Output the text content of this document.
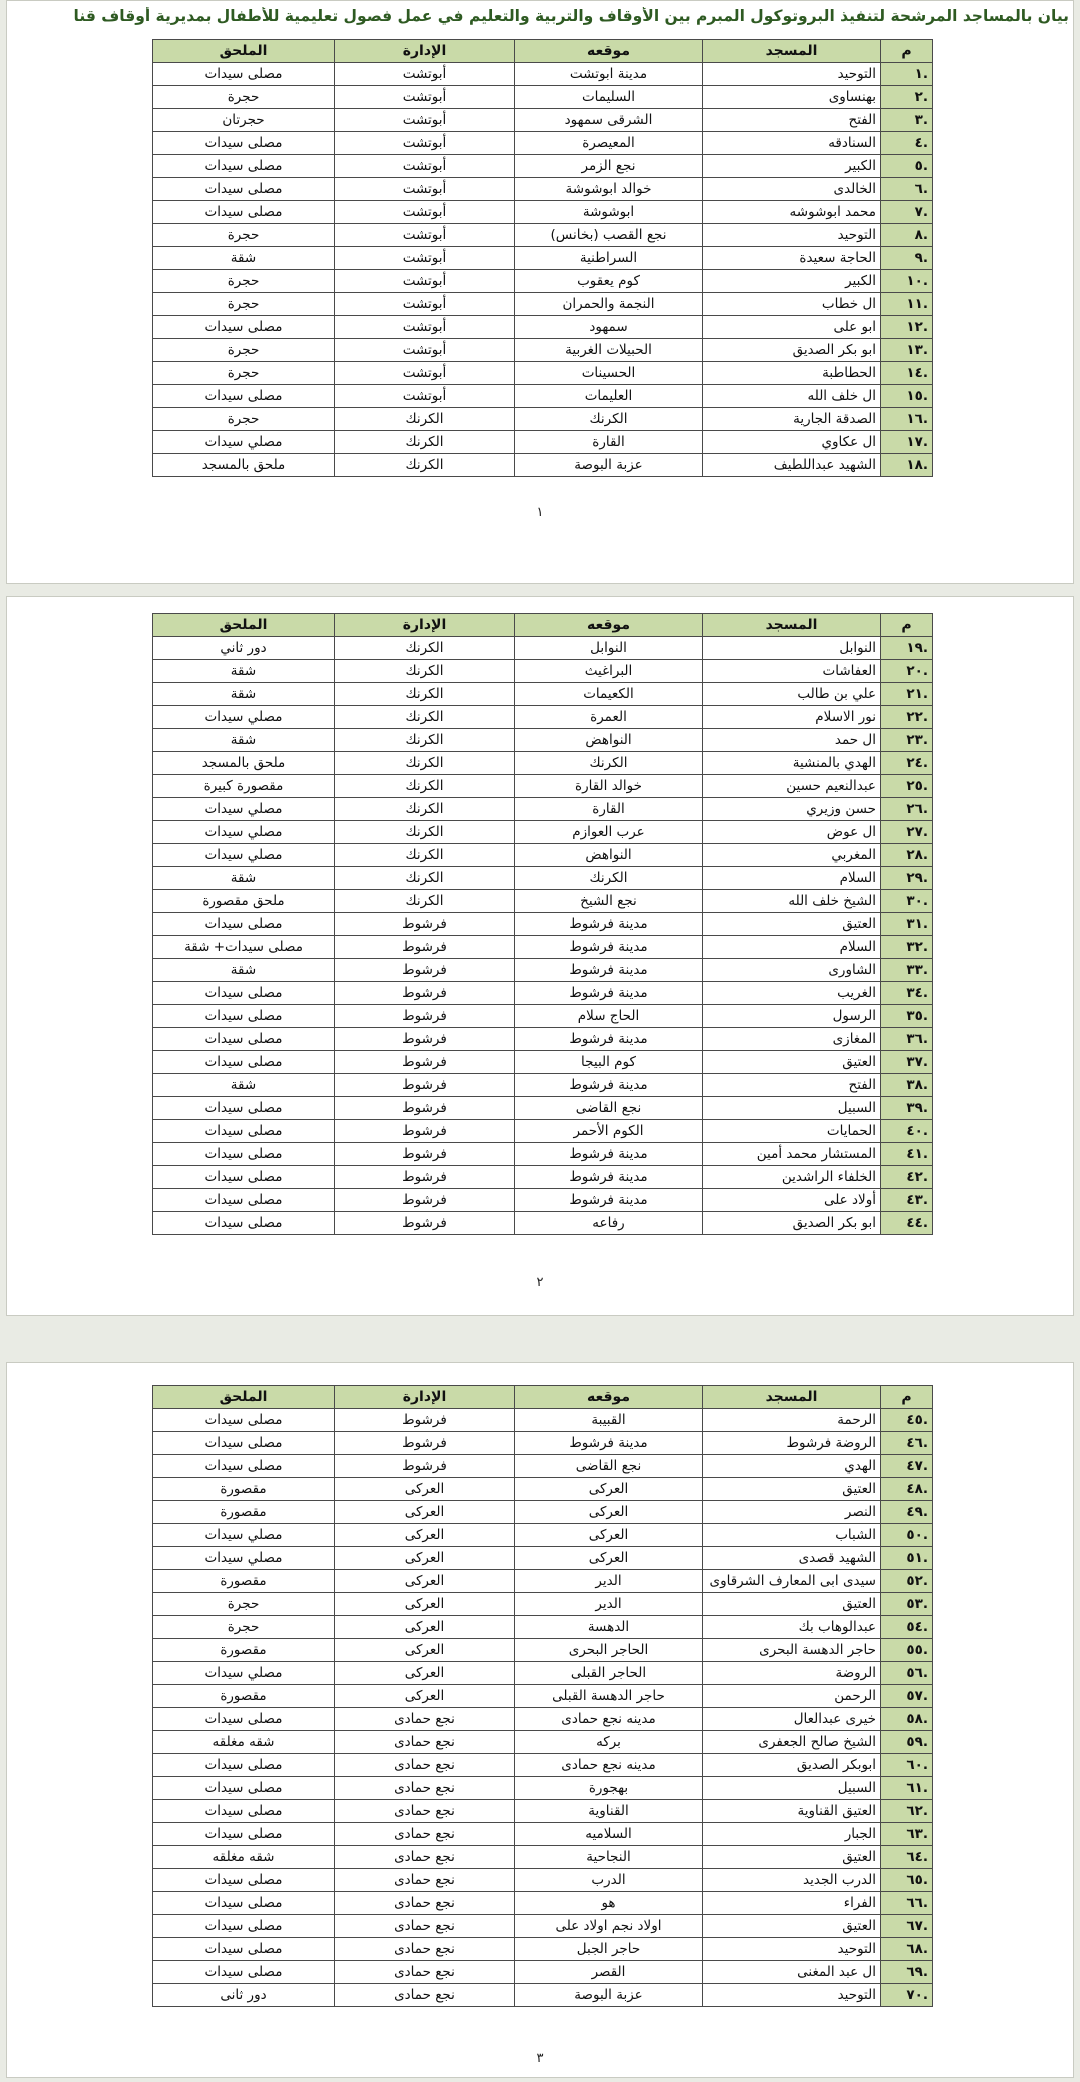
بيان بالمساجد المرشحة لتنفيذ البروتوكول المبرم بين الأوقاف والتربية والتعليم في عمل فصول تعليمية للأطفال بمديرية أوقاف قنا
م	المسجد	موقعه	الإدارة	الملحق
.١	التوحيد	مدينة ابوتشت	أبوتشت	مصلى سيدات
.٢	بهنساوى	السليمات	أبوتشت	حجرة
.٣	الفتح	الشرقى سمهود	أبوتشت	حجرتان
.٤	السنادقه	المعيصرة	أبوتشت	مصلى سيدات
.٥	الكبير	نجع الزمر	أبوتشت	مصلى سيدات
.٦	الخالدى	خوالد ابوشوشة	أبوتشت	مصلى سيدات
.٧	محمد ابوشوشه	ابوشوشة	أبوتشت	مصلى سيدات
.٨	التوحيد	نجع القصب (بخانس)	أبوتشت	حجرة
.٩	الحاجة سعيدة	السراطنية	أبوتشت	شقة
.١٠	الكبير	كوم يعقوب	أبوتشت	حجرة
.١١	ال خطاب	النجمة والحمران	أبوتشت	حجرة
.١٢	ابو على	سمهود	أبوتشت	مصلى سيدات
.١٣	ابو بكر الصديق	الحبيلات الغربية	أبوتشت	حجرة
.١٤	الحطاطبة	الحسينات	أبوتشت	حجرة
.١٥	ال خلف الله	العليمات	أبوتشت	مصلى سيدات
.١٦	الصدقة الجارية	الكرنك	الكرنك	حجرة
.١٧	ال عكاوي	القارة	الكرنك	مصلي سيدات
.١٨	الشهيد عبداللطيف	عزبة البوصة	الكرنك	ملحق بالمسجد
١
م	المسجد	موقعه	الإدارة	الملحق
.١٩	النوابل	النوابل	الكرنك	دور ثاني
.٢٠	العفاشات	البراغيث	الكرنك	شقة
.٢١	علي بن طالب	الكعيمات	الكرنك	شقة
.٢٢	نور الاسلام	العمرة	الكرنك	مصلي سيدات
.٢٣	ال حمد	النواهض	الكرنك	شقة
.٢٤	الهدي بالمنشية	الكرنك	الكرنك	ملحق بالمسجد
.٢٥	عبدالنعيم حسين	خوالد القارة	الكرنك	مقصورة كبيرة
.٢٦	حسن وزيري	القارة	الكرنك	مصلي سيدات
.٢٧	ال عوض	عرب العوازم	الكرنك	مصلي سيدات
.٢٨	المغربي	النواهض	الكرنك	مصلي سيدات
.٢٩	السلام	الكرنك	الكرنك	شقة
.٣٠	الشيخ خلف الله	نجع الشيخ	الكرنك	ملحق مقصورة
.٣١	العتيق	مدينة فرشوط	فرشوط	مصلى سيدات
.٣٢	السلام	مدينة فرشوط	فرشوط	مصلى سيدات+ شقة
.٣٣	الشاورى	مدينة فرشوط	فرشوط	شقة
.٣٤	الغريب	مدينة فرشوط	فرشوط	مصلى سيدات
.٣٥	الرسول	الحاج سلام	فرشوط	مصلى سيدات
.٣٦	المغازى	مدينة فرشوط	فرشوط	مصلى سيدات
.٣٧	العتيق	كوم البيجا	فرشوط	مصلى سيدات
.٣٨	الفتح	مدينة فرشوط	فرشوط	شقة
.٣٩	السبيل	نجع القاضى	فرشوط	مصلى سيدات
.٤٠	الحمايات	الكوم الأحمر	فرشوط	مصلى سيدات
.٤١	المستشار محمد أمين	مدينة فرشوط	فرشوط	مصلى سيدات
.٤٢	الخلفاء الراشدين	مدينة فرشوط	فرشوط	مصلى سيدات
.٤٣	أولاد على	مدينة فرشوط	فرشوط	مصلى سيدات
.٤٤	ابو بكر الصديق	رفاعه	فرشوط	مصلى سيدات
٢
م	المسجد	موقعه	الإدارة	الملحق
.٤٥	الرحمة	القبيبة	فرشوط	مصلى سيدات
.٤٦	الروضة فرشوط	مدينة فرشوط	فرشوط	مصلى سيدات
.٤٧	الهدي	نجع القاضى	فرشوط	مصلى سيدات
.٤٨	العتيق	العركى	العركى	مقصورة
.٤٩	النصر	العركى	العركى	مقصورة
.٥٠	الشباب	العركى	العركى	مصلي سيدات
.٥١	الشهيد قصدى	العركى	العركى	مصلي سيدات
.٥٢	سيدى ابى المعارف الشرقاوى	الدير	العركى	مقصورة
.٥٣	العتيق	الدير	العركى	حجرة
.٥٤	عبدالوهاب بك	الدهسة	العركى	حجرة
.٥٥	حاجر الدهسة البحرى	الحاجر البحرى	العركى	مقصورة
.٥٦	الروضة	الحاجر القبلى	العركى	مصلي سيدات
.٥٧	الرحمن	حاجر الدهسة القبلى	العركى	مقصورة
.٥٨	خيرى عبدالعال	مدينه نجع حمادى	نجع حمادى	مصلى سيدات
.٥٩	الشيخ صالح الجعفرى	بركه	نجع حمادى	شقه مغلقه
.٦٠	ابوبكر الصديق	مدينه نجع حمادى	نجع حمادى	مصلى سيدات
.٦١	السبيل	بهجورة	نجع حمادى	مصلى سيدات
.٦٢	العتيق القناوية	القناوية	نجع حمادى	مصلى سيدات
.٦٣	الجبار	السلاميه	نجع حمادى	مصلى سيدات
.٦٤	العتيق	النجاحية	نجع حمادى	شقه مغلقه
.٦٥	الدرب الجديد	الدرب	نجع حمادى	مصلى سيدات
.٦٦	الفراء	هو	نجع حمادى	مصلى سيدات
.٦٧	العتيق	اولاد نجم اولاد على	نجع حمادى	مصلى سيدات
.٦٨	التوحيد	حاجر الجبل	نجع حمادى	مصلى سيدات
.٦٩	ال عبد المغنى	القصر	نجع حمادى	مصلى سيدات
.٧٠	التوحيد	عزبة البوصة	نجع حمادى	دور ثانى
٣
